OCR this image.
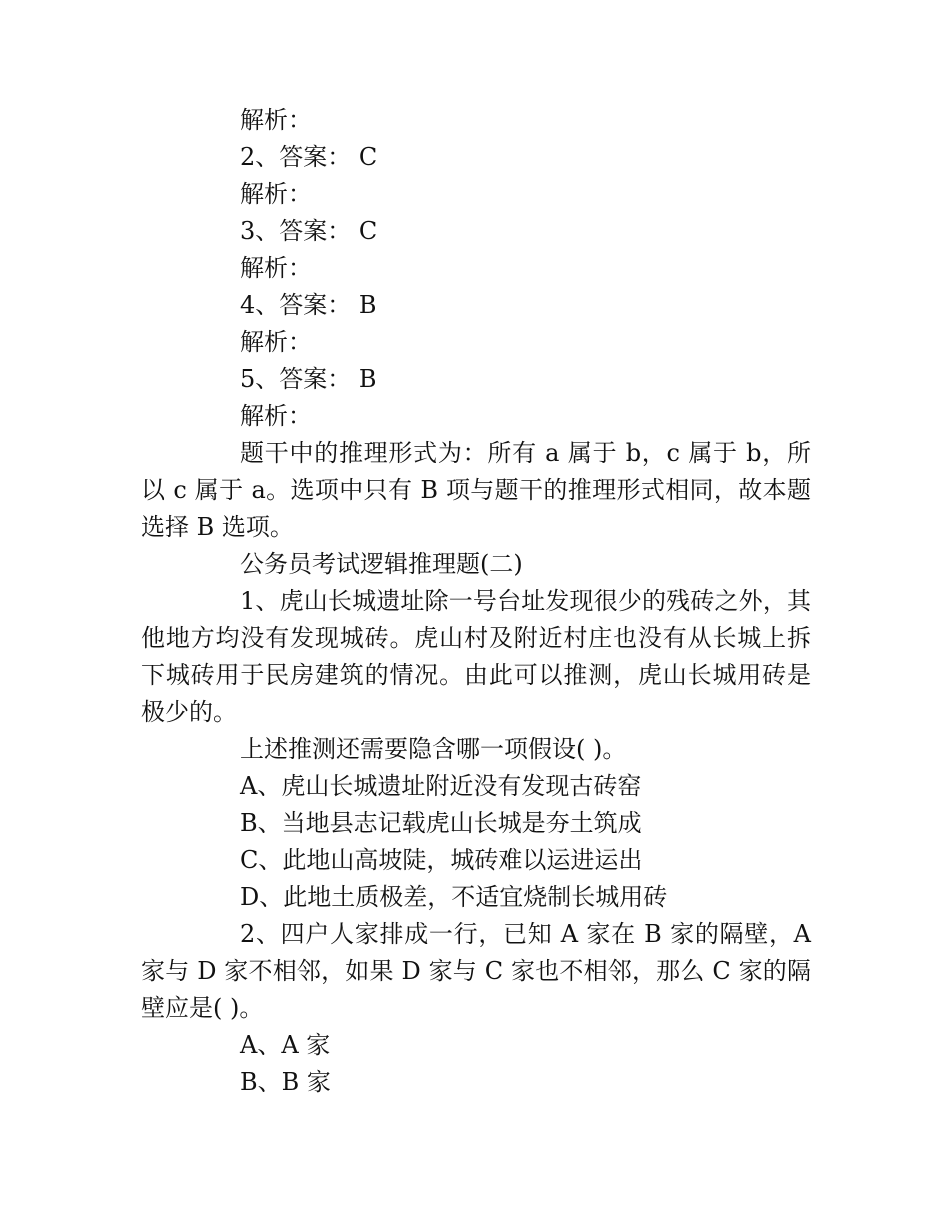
解析：
2、答案： C
解析：
3、答案： C
解析：
4、答案： B
解析：
5、答案： B
解析：
题干中的推理形式为：所有 a 属于 b，c 属于 b，所以 c 属于 a。选项中只有 B 项与题干的推理形式相同，故本题选择 B 选项。
公务员考试逻辑推理题(二)
1、虎山长城遗址除一号台址发现很少的残砖之外，其他地方均没有发现城砖。虎山村及附近村庄也没有从长城上拆下城砖用于民房建筑的情况。由此可以推测，虎山长城用砖是极少的。
上述推测还需要隐含哪一项假设( )。
A、虎山长城遗址附近没有发现古砖窑
B、当地县志记载虎山长城是夯土筑成
C、此地山高坡陡，城砖难以运进运出
D、此地土质极差，不适宜烧制长城用砖
2、四户人家排成一行，已知 A 家在 B 家的隔壁，A 家与 D 家不相邻，如果 D 家与 C 家也不相邻，那么 C 家的隔壁应是( )。
A、A 家
B、B 家
